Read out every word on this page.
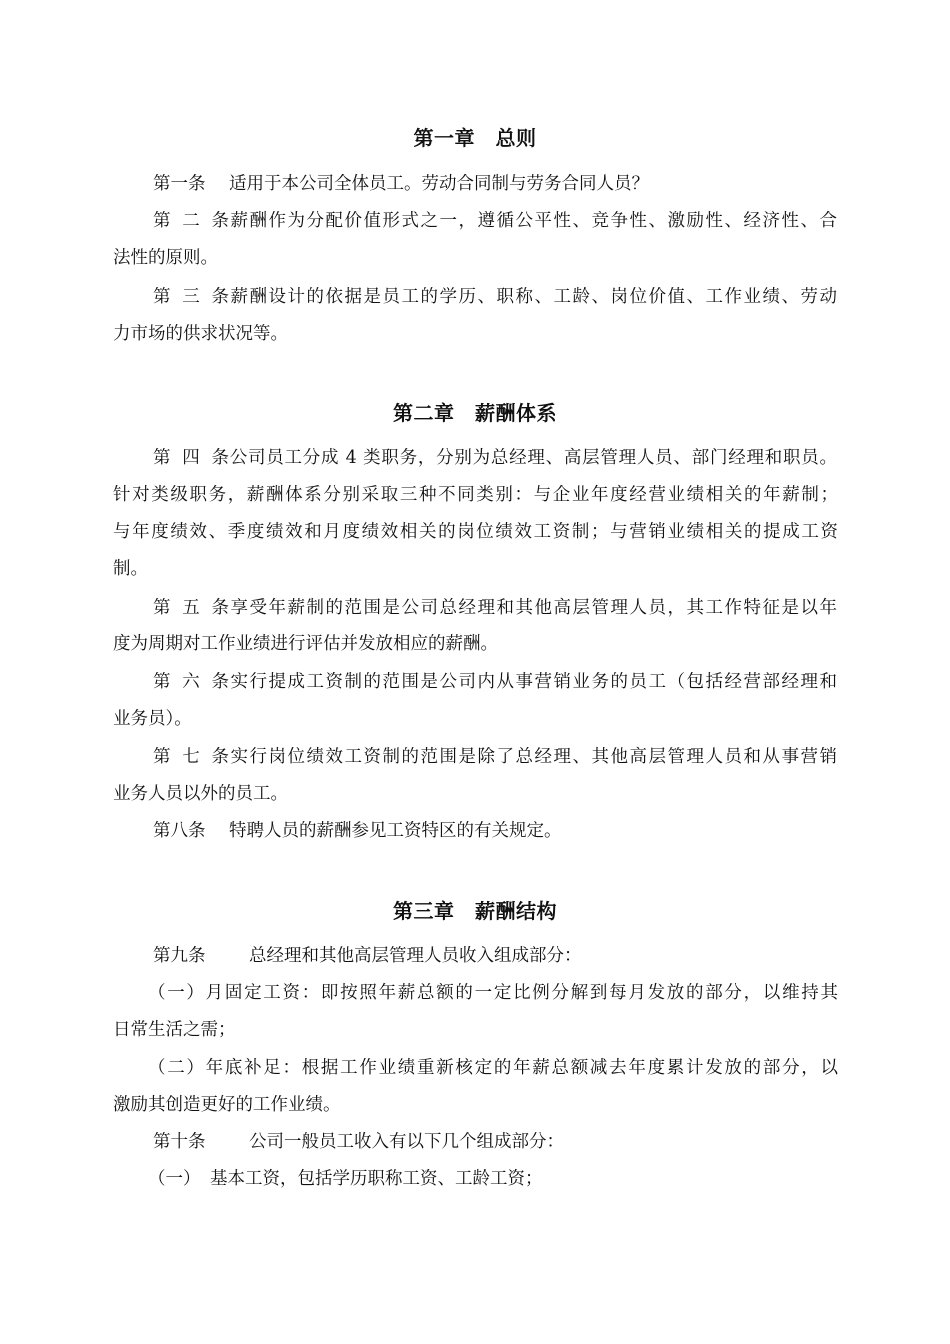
第一章　总则
第一条 适用于本公司全体员工。劳动合同制与劳务合同人员？
第二条薪酬作为分配价值形式之一，遵循公平性、竞争性、激励性、经济性、合
法性的原则。
第三条薪酬设计的依据是员工的学历、职称、工龄、岗位价值、工作业绩、劳动
力市场的供求状况等。
第二章　薪酬体系
第四条公司员工分成 4 类职务，分别为总经理、高层管理人员、部门经理和职员。
针对类级职务，薪酬体系分别采取三种不同类别：与企业年度经营业绩相关的年薪制；
与年度绩效、季度绩效和月度绩效相关的岗位绩效工资制；与营销业绩相关的提成工资
制。
第五条享受年薪制的范围是公司总经理和其他高层管理人员，其工作特征是以年
度为周期对工作业绩进行评估并发放相应的薪酬。
第六条实行提成工资制的范围是公司内从事营销业务的员工（包括经营部经理和
业务员）。
第七条实行岗位绩效工资制的范围是除了总经理、其他高层管理人员和从事营销
业务人员以外的员工。
第八条 特聘人员的薪酬参见工资特区的有关规定。
第三章　薪酬结构
第九条 总经理和其他高层管理人员收入组成部分：
（一）月固定工资：即按照年薪总额的一定比例分解到每月发放的部分，以维持其
日常生活之需；
（二）年底补足：根据工作业绩重新核定的年薪总额减去年度累计发放的部分，以
激励其创造更好的工作业绩。
第十条 公司一般员工收入有以下几个组成部分：
（一） 基本工资，包括学历职称工资、工龄工资；
